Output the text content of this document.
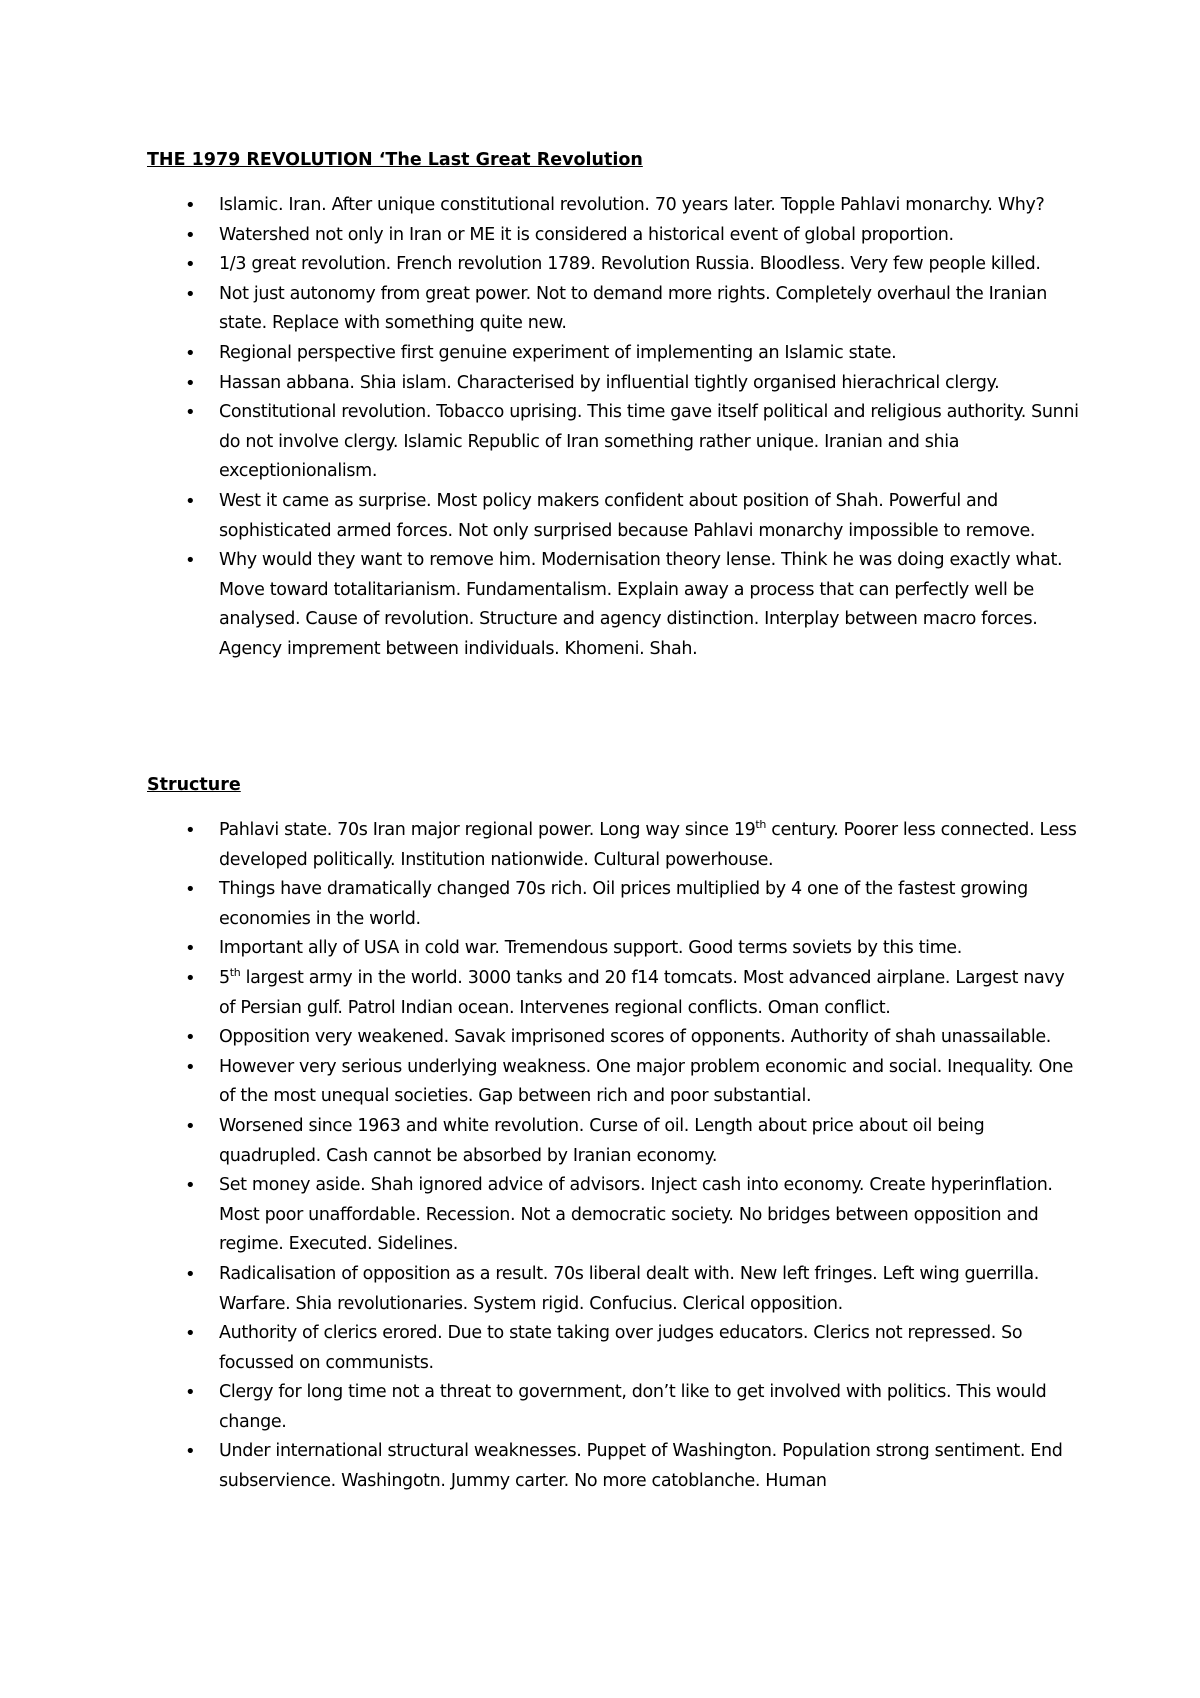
THE 1979 REVOLUTION ‘The Last Great Revolution
• Islamic. Iran. After unique constitutional revolution. 70 years later. Topple Pahlavi monarchy. Why?
• Watershed not only in Iran or ME it is considered a historical event of global proportion.
• 1/3 great revolution. French revolution 1789. Revolution Russia. Bloodless. Very few people killed.
• Not just autonomy from great power. Not to demand more rights. Completely overhaul the Iranian state. Replace with something quite new.
• Regional perspective first genuine experiment of implementing an Islamic state.
• Hassan abbana. Shia islam. Characterised by influential tightly organised hierachrical clergy.
• Constitutional revolution. Tobacco uprising. This time gave itself political and religious authority. Sunni do not involve clergy. Islamic Republic of Iran something rather unique. Iranian and shia exceptionionalism.
• West it came as surprise. Most policy makers confident about position of Shah. Powerful and sophisticated armed forces. Not only surprised because Pahlavi monarchy impossible to remove.
• Why would they want to remove him. Modernisation theory lense. Think he was doing exactly what. Move toward totalitarianism. Fundamentalism. Explain away a process that can perfectly well be analysed. Cause of revolution. Structure and agency distinction. Interplay between macro forces. Agency imprement between individuals. Khomeni. Shah.
Structure
• Pahlavi state. 70s Iran major regional power. Long way since 19th century. Poorer less connected. Less developed politically. Institution nationwide. Cultural powerhouse.
• Things have dramatically changed 70s rich. Oil prices multiplied by 4 one of the fastest growing economies in the world.
• Important ally of USA in cold war. Tremendous support. Good terms soviets by this time.
• 5th largest army in the world. 3000 tanks and 20 f14 tomcats. Most advanced airplane. Largest navy of Persian gulf. Patrol Indian ocean. Intervenes regional conflicts. Oman conflict.
• Opposition very weakened. Savak imprisoned scores of opponents. Authority of shah unassailable.
• However very serious underlying weakness. One major problem economic and social. Inequality. One of the most unequal societies. Gap between rich and poor substantial.
• Worsened since 1963 and white revolution. Curse of oil. Length about price about oil being quadrupled. Cash cannot be absorbed by Iranian economy.
• Set money aside. Shah ignored advice of advisors. Inject cash into economy. Create hyperinflation. Most poor unaffordable. Recession. Not a democratic society. No bridges between opposition and regime. Executed. Sidelines.
• Radicalisation of opposition as a result. 70s liberal dealt with. New left fringes. Left wing guerrilla. Warfare. Shia revolutionaries. System rigid. Confucius. Clerical opposition.
• Authority of clerics erored. Due to state taking over judges educators. Clerics not repressed. So focussed on communists.
• Clergy for long time not a threat to government, don’t like to get involved with politics. This would change.
• Under international structural weaknesses. Puppet of Washington. Population strong sentiment. End subservience. Washingotn. Jummy carter. No more catoblanche. Human
